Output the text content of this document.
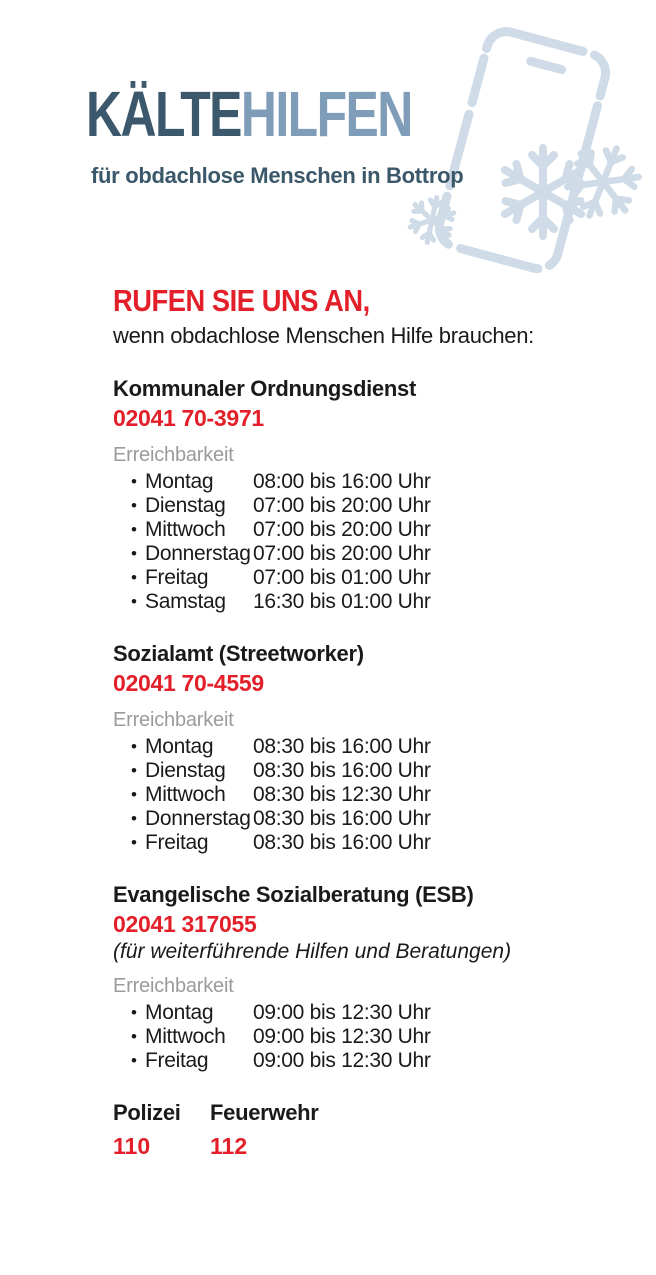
KÄLTEHILFEN
für obdachlose Menschen in Bottrop
RUFEN SIE UNS AN,

wenn obdachlose Menschen Hilfe brauchen:

Kommunaler Ordnungsdienst

02041 70-3971

Erreichbarkeit

• Montag	08:00 bis 16:00 Uhr
• Dienstag	07:00 bis 20:00 Uhr
• Mittwoch	07:00 bis 20:00 Uhr
• Donnerstag 07:00 bis 20:00 Uhr
• Freitag	07:00 bis 01:00 Uhr
• Samstag	16:30 bis 01:00 Uhr
Sozialamt (Streetworker)

02041 70-4559

Erreichbarkeit

• Montag	08:30 bis 16:00 Uhr
• Dienstag	08:30 bis 16:00 Uhr
• Mittwoch	08:30 bis 12:30 Uhr
• Donnerstag 08:30 bis 16:00 Uhr
• Freitag	08:30 bis 16:00 Uhr
Evangelische Sozialberatung (ESB)

02041 317055

(für weiterführende Hilfen und Beratungen)

Erreichbarkeit

• Montag	09:00 bis 12:30 Uhr
• Mittwoch	09:00 bis 12:30 Uhr
• Freitag	09:00 bis 12:30 Uhr

Polizei

110

Feuerwehr

112
